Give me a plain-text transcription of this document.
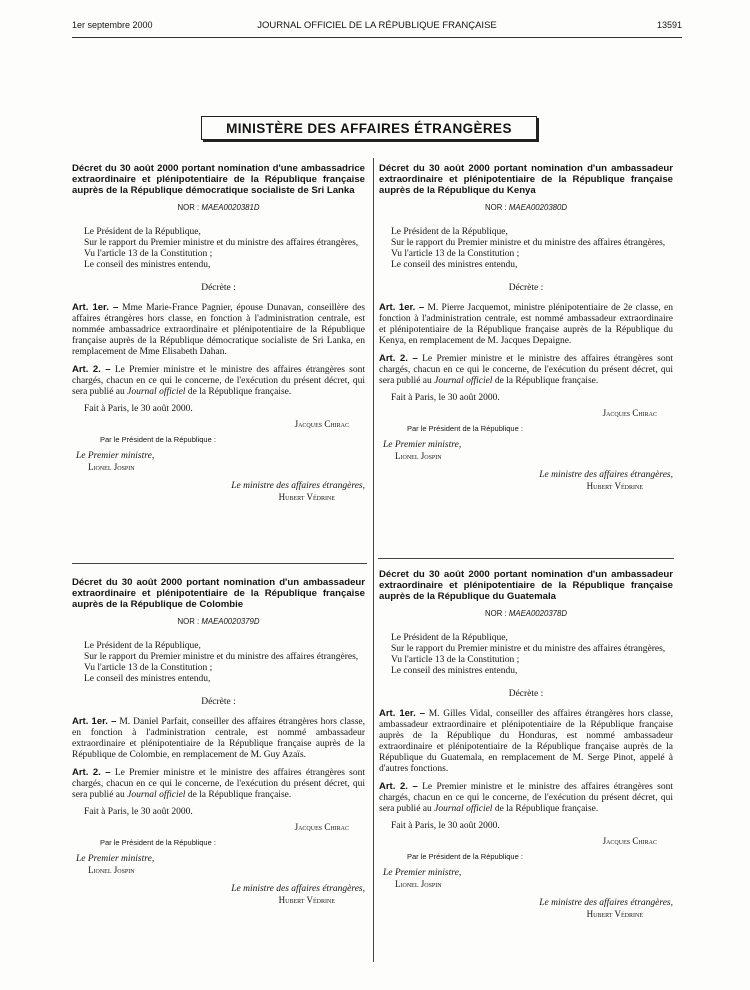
1er septembre 2000	JOURNAL OFFICIEL DE LA RÉPUBLIQUE FRANÇAISE	13591
MINISTÈRE DES AFFAIRES ÉTRANGÈRES

Décret du 30 août 2000 portant nomination d'une ambassadrice extraordinaire et plénipotentiaire de la République française auprès de la République démocratique socialiste de Sri Lanka

NOR : MAEA0020381D

Le Président de la République,

Sur le rapport du Premier ministre et du ministre des affaires étrangères,

Vu l'article 13 de la Constitution ;

Le conseil des ministres entendu,

Décrète :

Art. 1er. – Mme Marie-France Pagnier, épouse Dunavan, conseillère des affaires étrangères hors classe, en fonction à l'administration centrale, est nommée ambassadrice extraordinaire et plénipotentiaire de la République française auprès de la République démocratique socialiste de Sri Lanka, en remplacement de Mme Elisabeth Dahan.

Art. 2. – Le Premier ministre et le ministre des affaires étrangères sont chargés, chacun en ce qui le concerne, de l'exécution du présent décret, qui sera publié au Journal officiel de la République française.

Fait à Paris, le 30 août 2000.

Jacques Chirac

Par le Président de la République :

Le Premier ministre,

Lionel Jospin

Le ministre des affaires étrangères,

Hubert Védrine

Décret du 30 août 2000 portant nomination d'un ambassadeur extraordinaire et plénipotentiaire de la République française auprès de la République du Kenya

NOR : MAEA0020380D

Le Président de la République,

Sur le rapport du Premier ministre et du ministre des affaires étrangères,

Vu l'article 13 de la Constitution ;

Le conseil des ministres entendu,

Décrète :

Art. 1er. – M. Pierre Jacquemot, ministre plénipotentiaire de 2e classe, en fonction à l'administration centrale, est nommé ambassadeur extraordinaire et plénipotentiaire de la République française auprès de la République du Kenya, en remplacement de M. Jacques Depaigne.

Art. 2. – Le Premier ministre et le ministre des affaires étrangères sont chargés, chacun en ce qui le concerne, de l'exécution du présent décret, qui sera publié au Journal officiel de la République française.

Fait à Paris, le 30 août 2000.

Jacques Chirac

Par le Président de la République :

Le Premier ministre,

Lionel Jospin

Le ministre des affaires étrangères,

Hubert Védrine

Décret du 30 août 2000 portant nomination d'un ambassadeur extraordinaire et plénipotentiaire de la République française auprès de la République de Colombie

NOR : MAEA0020379D

Le Président de la République,

Sur le rapport du Premier ministre et du ministre des affaires étrangères,

Vu l'article 13 de la Constitution ;

Le conseil des ministres entendu,

Décrète :

Art. 1er. – M. Daniel Parfait, conseiller des affaires étrangères hors classe, en fonction à l'administration centrale, est nommé ambassadeur extraordinaire et plénipotentiaire de la République française auprès de la République de Colombie, en remplacement de M. Guy Azaïs.

Art. 2. – Le Premier ministre et le ministre des affaires étrangères sont chargés, chacun en ce qui le concerne, de l'exécution du présent décret, qui sera publié au Journal officiel de la République française.

Fait à Paris, le 30 août 2000.

Jacques Chirac

Par le Président de la République :

Le Premier ministre,

Lionel Jospin

Le ministre des affaires étrangères,

Hubert Védrine

Décret du 30 août 2000 portant nomination d'un ambassadeur extraordinaire et plénipotentiaire de la République française auprès de la République du Guatemala

NOR : MAEA0020378D

Le Président de la République,

Sur le rapport du Premier ministre et du ministre des affaires étrangères,

Vu l'article 13 de la Constitution ;

Le conseil des ministres entendu,

Décrète :

Art. 1er. – M. Gilles Vidal, conseiller des affaires étrangères hors classe, ambassadeur extraordinaire et plénipotentiaire de la République française auprès de la République du Honduras, est nommé ambassadeur extraordinaire et plénipotentiaire de la République française auprès de la République du Guatemala, en remplacement de M. Serge Pinot, appelé à d'autres fonctions.

Art. 2. – Le Premier ministre et le ministre des affaires étrangères sont chargés, chacun en ce qui le concerne, de l'exécution du présent décret, qui sera publié au Journal officiel de la République française.

Fait à Paris, le 30 août 2000.

Jacques Chirac

Par le Président de la République :

Le Premier ministre,

Lionel Jospin

Le ministre des affaires étrangères,

Hubert Védrine
